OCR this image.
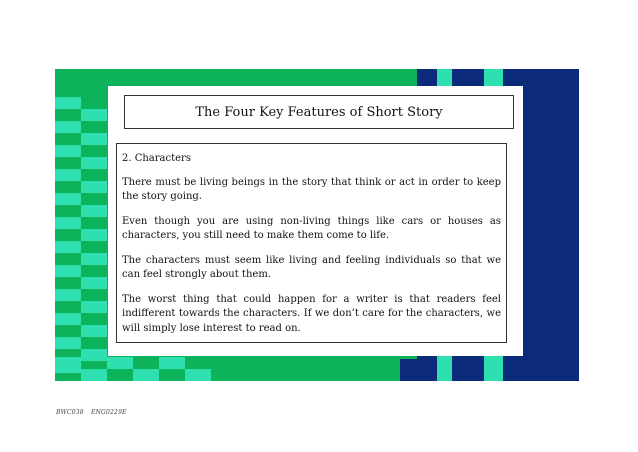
The Four Key Features of Short Story
2. Characters

There must be living beings in the story that think or act in order to keep the story going.

Even though you are using non-living things like cars or houses as characters, you still need to make them come to life.

The characters must seem like living and feeling individuals so that we can feel strongly about them.

The worst thing that could happen for a writer is that readers feel indifferent towards the characters. If we don’t care for the characters, we will simply lose interest to read on.

BWC038 ENG0229E
